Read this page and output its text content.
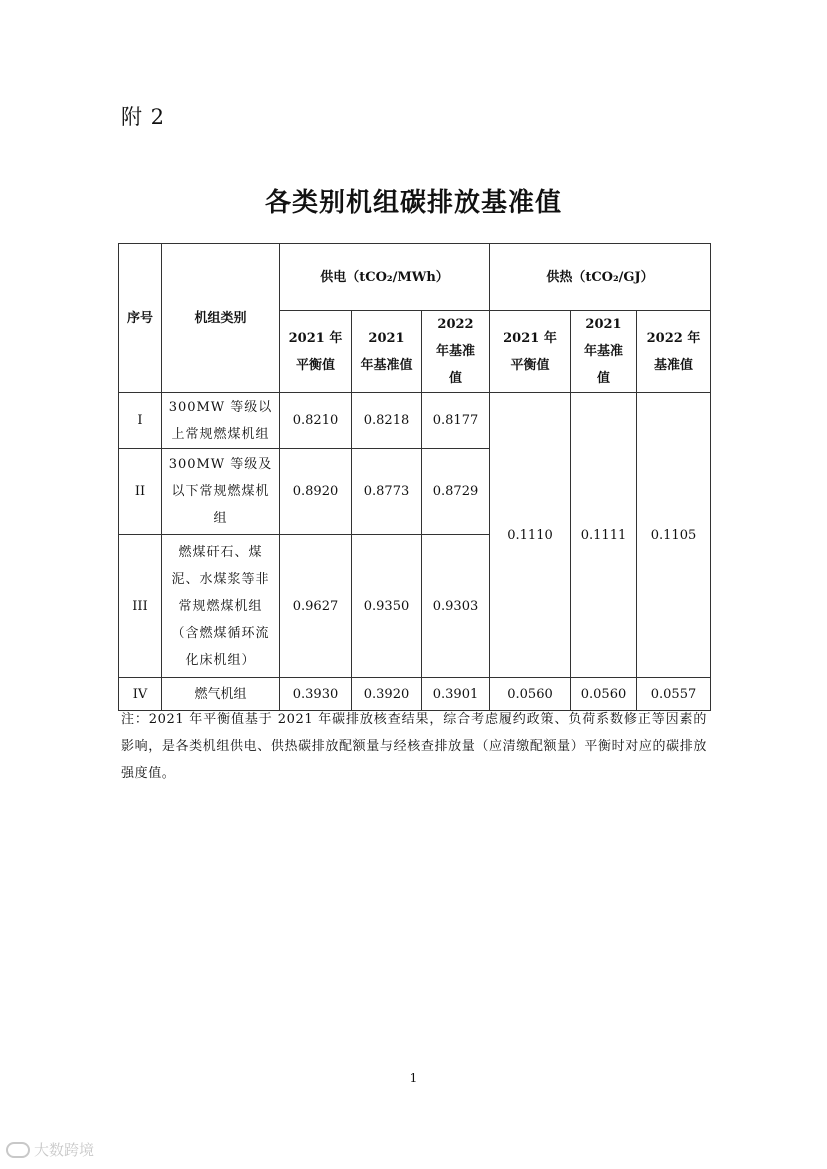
附 2
各类别机组碳排放基准值
序号	机组类别	供电（tCO₂/MWh）			供热（tCO₂/GJ）		
		2021 年平衡值	2021 年基准值	2022 年基准值	2021 年平衡值	2021 年基准值	2022 年基准值
I	300MW 等级以上常规燃煤机组	0.8210	0.8218	0.8177	0.1110	0.1111	0.1105
II	300MW 等级及以下常规燃煤机组	0.8920	0.8773	0.8729			
III	燃煤矸石、煤泥、水煤浆等非常规燃煤机组（含燃煤循环流化床机组）	0.9627	0.9350	0.9303			
IV	燃气机组	0.3930	0.3920	0.3901	0.0560	0.0560	0.0557
注：2021 年平衡值基于 2021 年碳排放核查结果，综合考虑履约政策、负荷系数修正等因素的影响，是各类机组供电、供热碳排放配额量与经核查排放量（应清缴配额量）平衡时对应的碳排放强度值。
1
大数跨境
